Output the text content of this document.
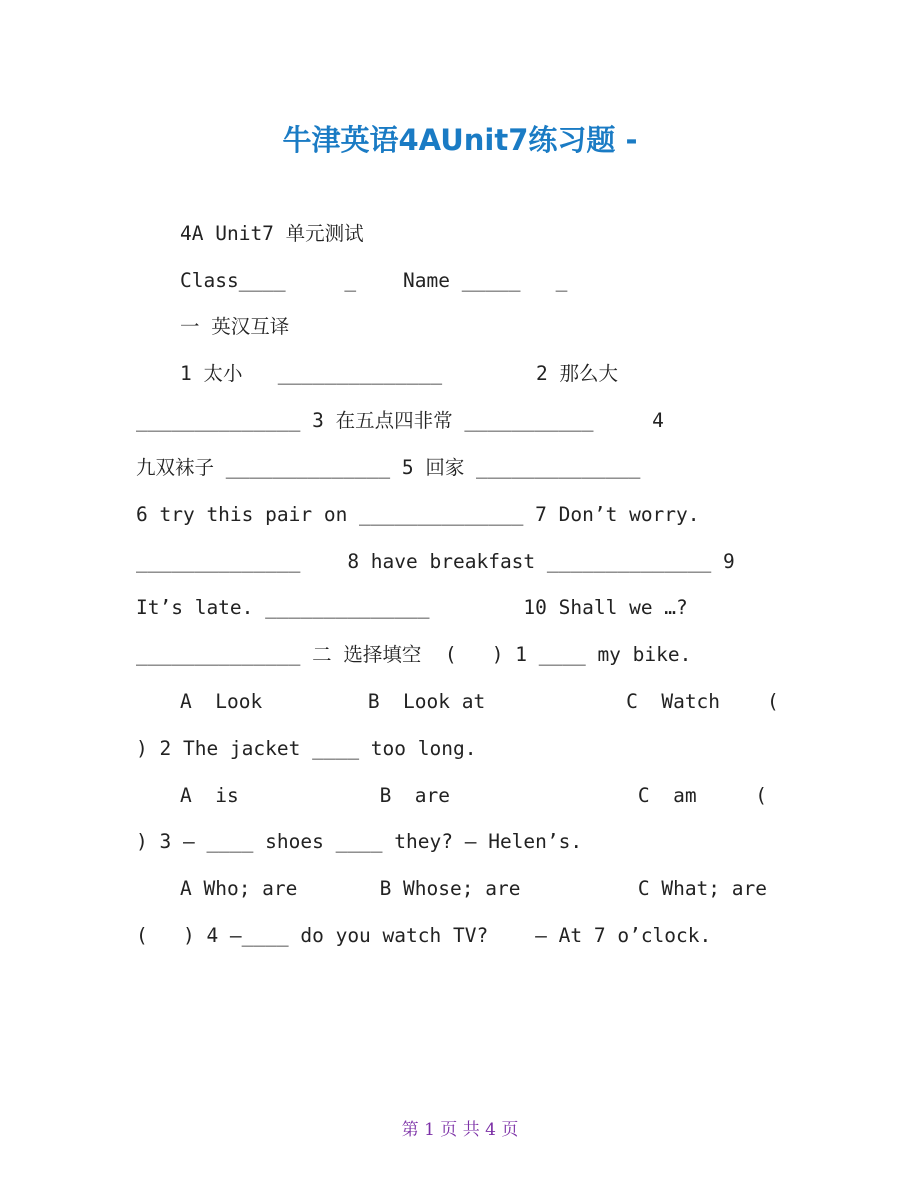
牛津英语4AUnit7练习题 -
4A Unit7 单元测试
Class____     _    Name _____   _
一 英汉互译
1 太小   ______________        2 那么大
______________ 3 在五点四非常 ___________     4
九双袜子 ______________ 5 回家 ______________
6 try this pair on ______________ 7 Don’t worry.
______________    8 have breakfast ______________ 9
It’s late. ______________        10 Shall we …?
______________ 二 选择填空  (   ) 1 ____ my bike.
A  Look         B  Look at            C  Watch    (
) 2 The jacket ____ too long.
A  is            B  are                C  am     (
) 3 — ____ shoes ____ they? — Helen’s.
A Who; are       B Whose; are          C What; are
(   ) 4 —____ do you watch TV?    — At 7 o’clock.
第 1 页 共 4 页
